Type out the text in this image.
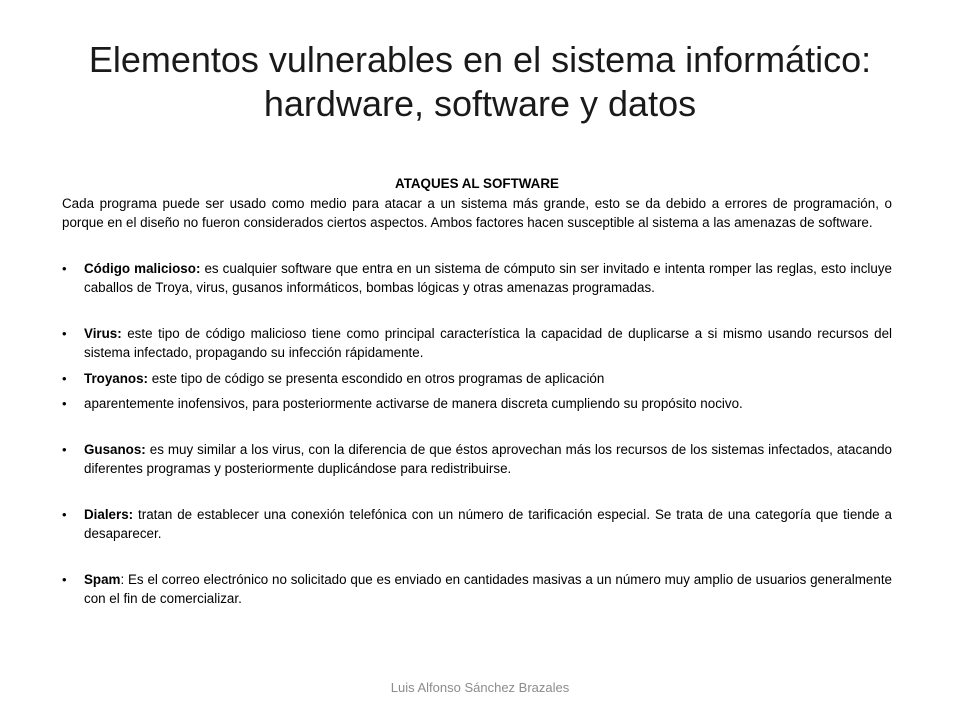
Elementos vulnerables en el sistema informático: hardware, software y datos
ATAQUES AL SOFTWARE

Cada programa puede ser usado como medio para atacar a un sistema más grande, esto se da debido a errores de programación, o porque en el diseño no fueron considerados ciertos aspectos. Ambos factores hacen susceptible al sistema a las amenazas de software.

• Código malicioso: es cualquier software que entra en un sistema de cómputo sin ser invitado e intenta romper las reglas, esto incluye caballos de Troya, virus, gusanos informáticos, bombas lógicas y otras amenazas programadas.
• Virus: este tipo de código malicioso tiene como principal característica la capacidad de duplicarse a si mismo usando recursos del sistema infectado, propagando su infección rápidamente.
• Troyanos: este tipo de código se presenta escondido en otros programas de aplicación
• aparentemente inofensivos, para posteriormente activarse de manera discreta cumpliendo su propósito nocivo.
• Gusanos: es muy similar a los virus, con la diferencia de que éstos aprovechan más los recursos de los sistemas infectados, atacando diferentes programas y posteriormente duplicándose para redistribuirse.
• Dialers: tratan de establecer una conexión telefónica con un número de tarificación especial. Se trata de una categoría que tiende a desaparecer.
• Spam: Es el correo electrónico no solicitado que es enviado en cantidades masivas a un número muy amplio de usuarios generalmente con el fin de comercializar.
Luis Alfonso Sánchez Brazales
